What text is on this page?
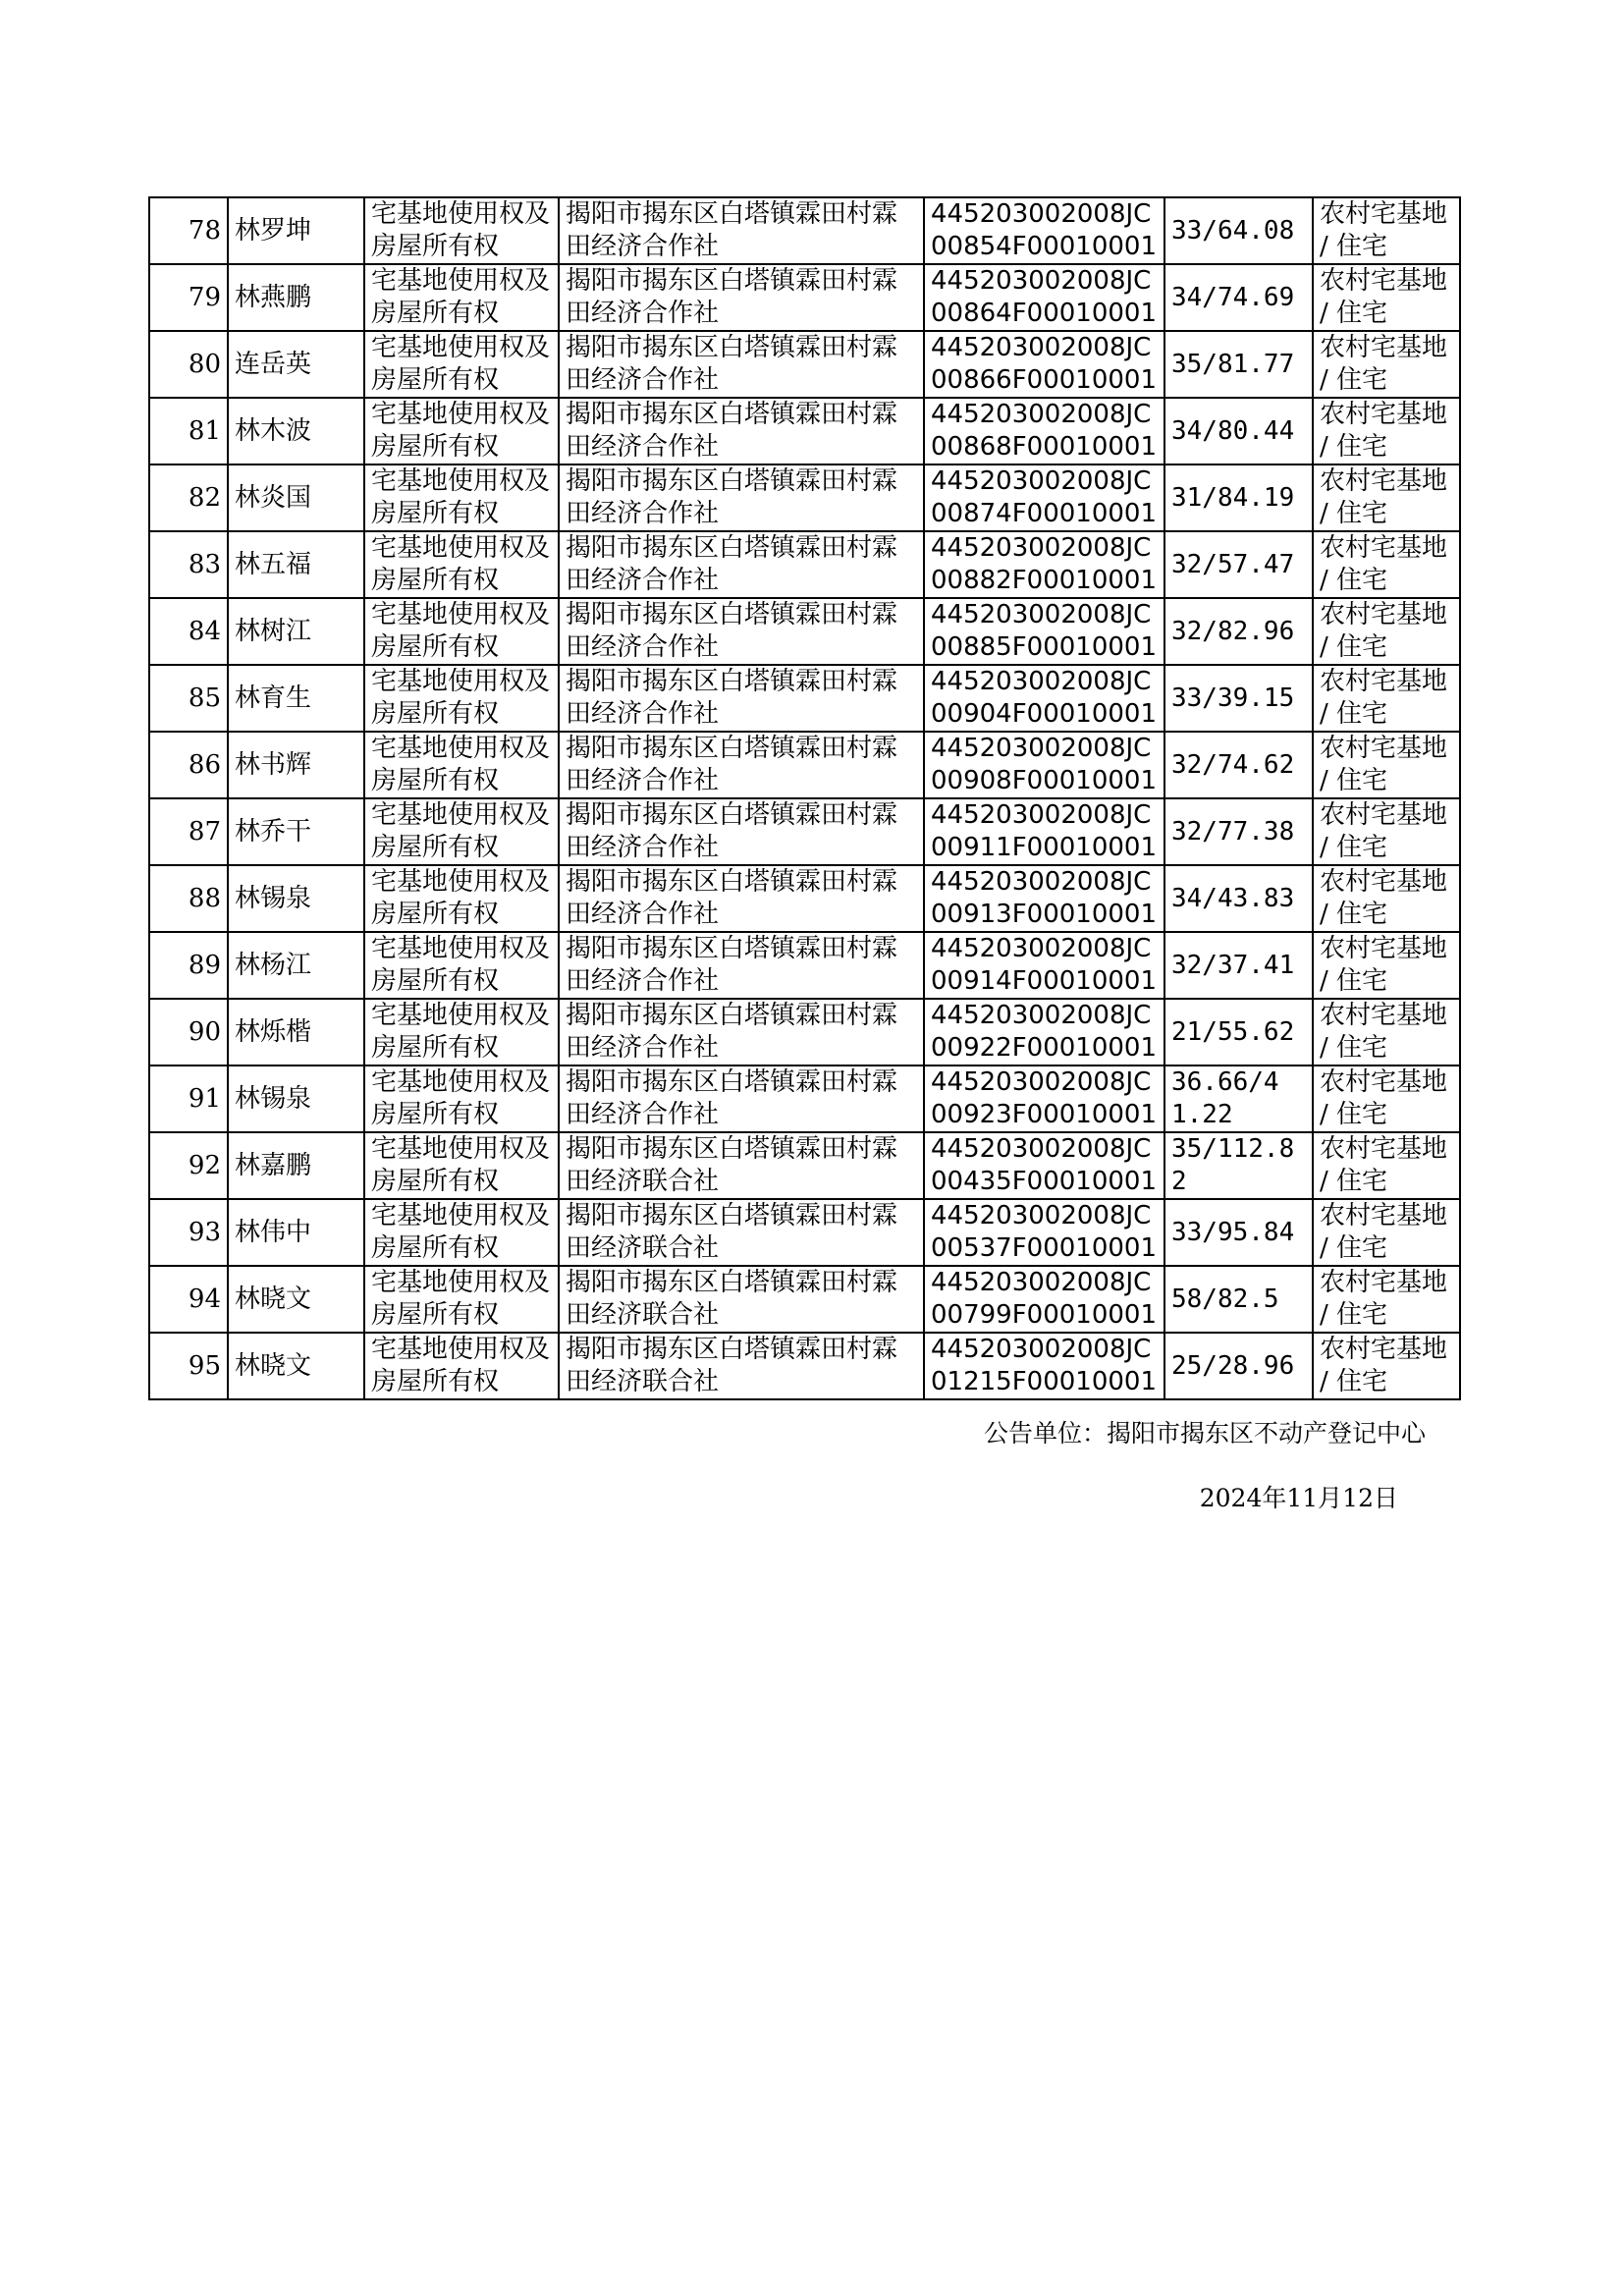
78	林罗坤	宅基地使用权及房屋所有权	揭阳市揭东区白塔镇霖田村霖田经济合作社	445203002008JC00854F00010001	33/64.08	农村宅基地 / 住宅
79	林燕鹏	宅基地使用权及房屋所有权	揭阳市揭东区白塔镇霖田村霖田经济合作社	445203002008JC00864F00010001	34/74.69	农村宅基地 / 住宅
80	连岳英	宅基地使用权及房屋所有权	揭阳市揭东区白塔镇霖田村霖田经济合作社	445203002008JC00866F00010001	35/81.77	农村宅基地 / 住宅
81	林木波	宅基地使用权及房屋所有权	揭阳市揭东区白塔镇霖田村霖田经济合作社	445203002008JC00868F00010001	34/80.44	农村宅基地 / 住宅
82	林炎国	宅基地使用权及房屋所有权	揭阳市揭东区白塔镇霖田村霖田经济合作社	445203002008JC00874F00010001	31/84.19	农村宅基地 / 住宅
83	林五福	宅基地使用权及房屋所有权	揭阳市揭东区白塔镇霖田村霖田经济合作社	445203002008JC00882F00010001	32/57.47	农村宅基地 / 住宅
84	林树江	宅基地使用权及房屋所有权	揭阳市揭东区白塔镇霖田村霖田经济合作社	445203002008JC00885F00010001	32/82.96	农村宅基地 / 住宅
85	林育生	宅基地使用权及房屋所有权	揭阳市揭东区白塔镇霖田村霖田经济合作社	445203002008JC00904F00010001	33/39.15	农村宅基地 / 住宅
86	林书辉	宅基地使用权及房屋所有权	揭阳市揭东区白塔镇霖田村霖田经济合作社	445203002008JC00908F00010001	32/74.62	农村宅基地 / 住宅
87	林乔干	宅基地使用权及房屋所有权	揭阳市揭东区白塔镇霖田村霖田经济合作社	445203002008JC00911F00010001	32/77.38	农村宅基地 / 住宅
88	林锡泉	宅基地使用权及房屋所有权	揭阳市揭东区白塔镇霖田村霖田经济合作社	445203002008JC00913F00010001	34/43.83	农村宅基地 / 住宅
89	林杨江	宅基地使用权及房屋所有权	揭阳市揭东区白塔镇霖田村霖田经济合作社	445203002008JC00914F00010001	32/37.41	农村宅基地 / 住宅
90	林烁楷	宅基地使用权及房屋所有权	揭阳市揭东区白塔镇霖田村霖田经济合作社	445203002008JC00922F00010001	21/55.62	农村宅基地 / 住宅
91	林锡泉	宅基地使用权及房屋所有权	揭阳市揭东区白塔镇霖田村霖田经济合作社	445203002008JC00923F00010001	36.66/41.22	农村宅基地 / 住宅
92	林嘉鹏	宅基地使用权及房屋所有权	揭阳市揭东区白塔镇霖田村霖田经济联合社	445203002008JC00435F00010001	35/112.82	农村宅基地 / 住宅
93	林伟中	宅基地使用权及房屋所有权	揭阳市揭东区白塔镇霖田村霖田经济联合社	445203002008JC00537F00010001	33/95.84	农村宅基地 / 住宅
94	林晓文	宅基地使用权及房屋所有权	揭阳市揭东区白塔镇霖田村霖田经济联合社	445203002008JC00799F00010001	58/82.5	农村宅基地 / 住宅
95	林晓文	宅基地使用权及房屋所有权	揭阳市揭东区白塔镇霖田村霖田经济联合社	445203002008JC01215F00010001	25/28.96	农村宅基地 / 住宅
公告单位：揭阳市揭东区不动产登记中心
2024年11月12日
